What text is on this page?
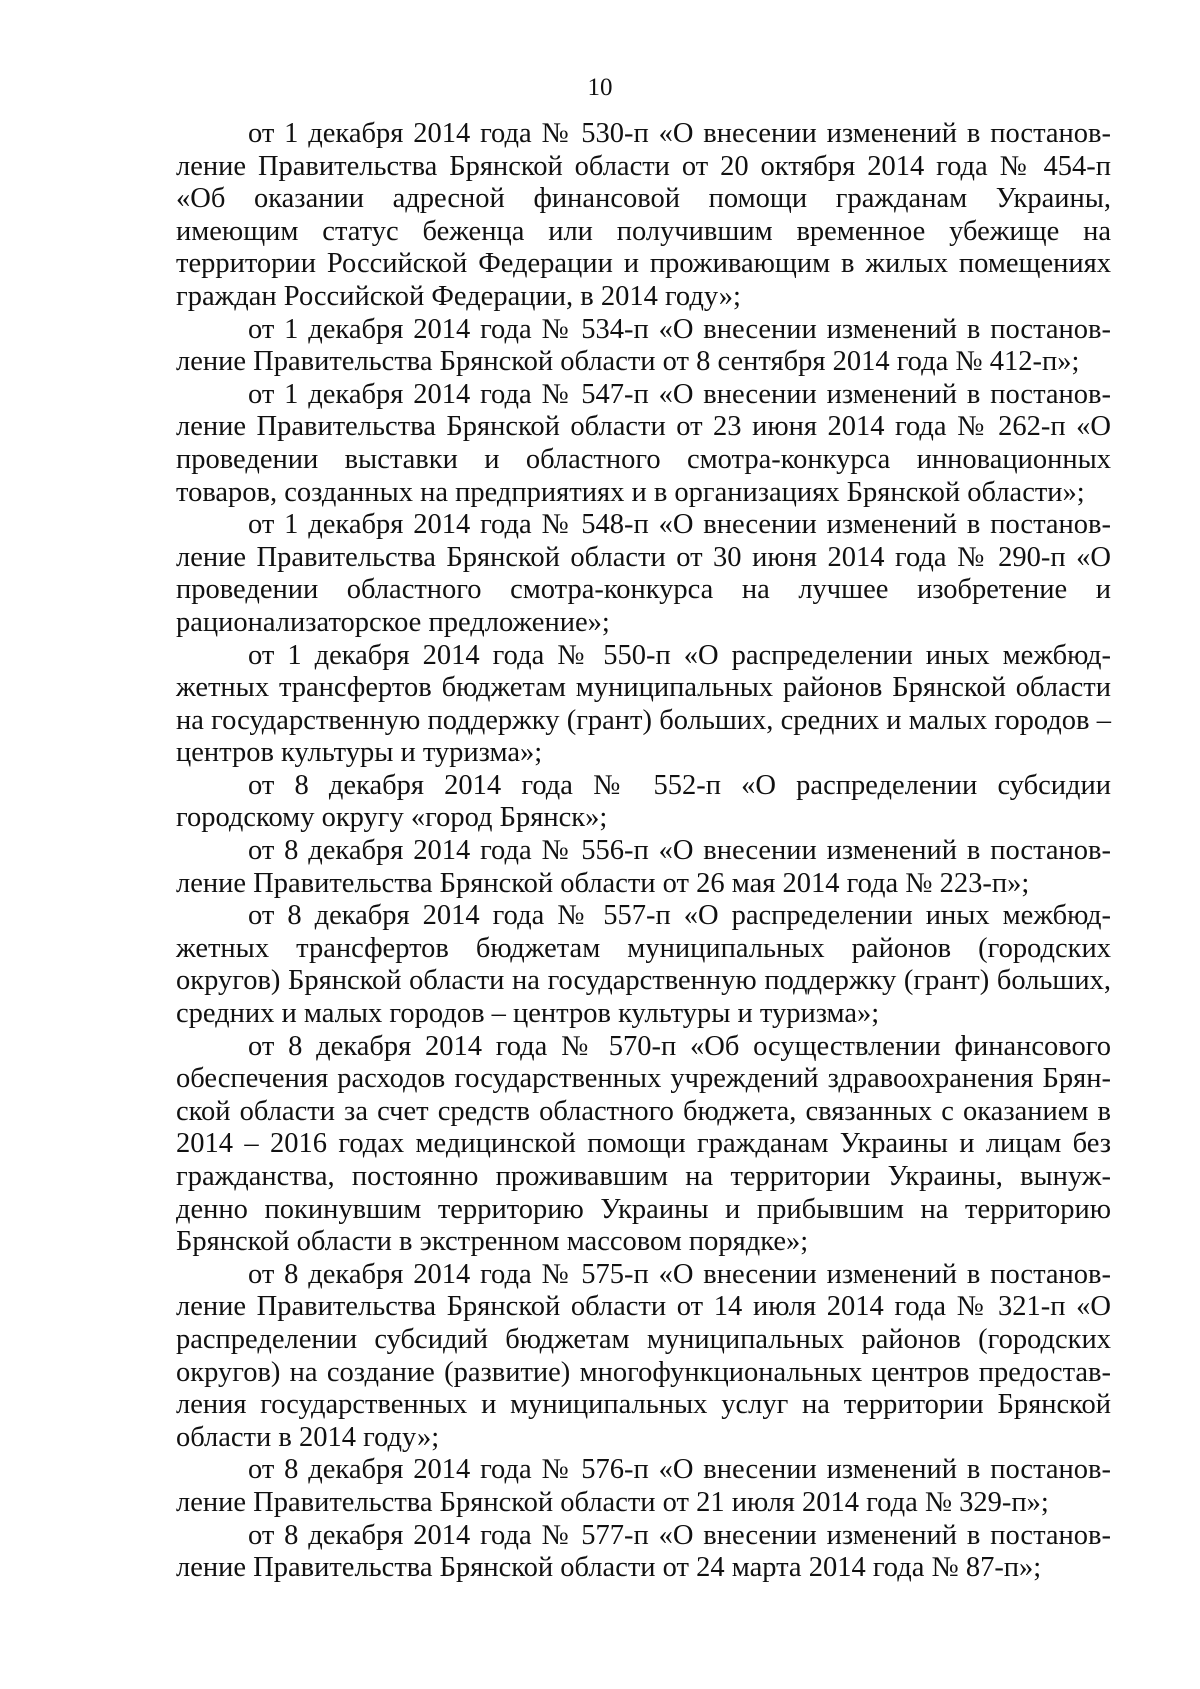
10

от 1 декабря 2014 года № 530-п «О внесении изменений в постановление Правительства Брянской области от 20 октября 2014 года № 454-п «Об оказании адресной финансовой помощи гражданам Украины, имеющим статус беженца или получившим временное убежище на территории Российской Федерации и проживающим в жилых помещениях граждан Российской Федерации, в 2014 году»;

от 1 декабря 2014 года № 534-п «О внесении изменений в постановление Правительства Брянской области от 8 сентября 2014 года № 412-п»;

от 1 декабря 2014 года № 547-п «О внесении изменений в постановление Правительства Брянской области от 23 июня 2014 года № 262-п «О проведении выставки и областного смотра-конкурса инновационных товаров, созданных на предприятиях и в организациях Брянской области»;

от 1 декабря 2014 года № 548-п «О внесении изменений в постановление Правительства Брянской области от 30 июня 2014 года № 290-п «О проведении областного смотра-конкурса на лучшее изобретение и рационализаторское предложение»;

от 1 декабря 2014 года № 550-п «О распределении иных межбюджетных трансфертов бюджетам муниципальных районов Брянской области на государственную поддержку (грант) больших, средних и малых городов – центров культуры и туризма»;

от 8 декабря 2014 года № 552-п «О распределении субсидии городскому округу «город Брянск»;

от 8 декабря 2014 года № 556-п «О внесении изменений в постановление Правительства Брянской области от 26 мая 2014 года № 223-п»;

от 8 декабря 2014 года № 557-п «О распределении иных межбюджетных трансфертов бюджетам муниципальных районов (городских округов) Брянской области на государственную поддержку (грант) больших, средних и малых городов – центров культуры и туризма»;

от 8 декабря 2014 года № 570-п «Об осуществлении финансового обеспечения расходов государственных учреждений здравоохранения Брянской области за счет средств областного бюджета, связанных с оказанием в 2014 – 2016 годах медицинской помощи гражданам Украины и лицам без гражданства, постоянно проживавшим на территории Украины, вынужденно покинувшим территорию Украины и прибывшим на территорию Брянской области в экстренном массовом порядке»;

от 8 декабря 2014 года № 575-п «О внесении изменений в постановление Правительства Брянской области от 14 июля 2014 года № 321-п «О распределении субсидий бюджетам муниципальных районов (городских округов) на создание (развитие) многофункциональных центров предоставления государственных и муниципальных услуг на территории Брянской области в 2014 году»;

от 8 декабря 2014 года № 576-п «О внесении изменений в постановление Правительства Брянской области от 21 июля 2014 года № 329-п»;

от 8 декабря 2014 года № 577-п «О внесении изменений в постановление Правительства Брянской области от 24 марта 2014 года № 87-п»;
